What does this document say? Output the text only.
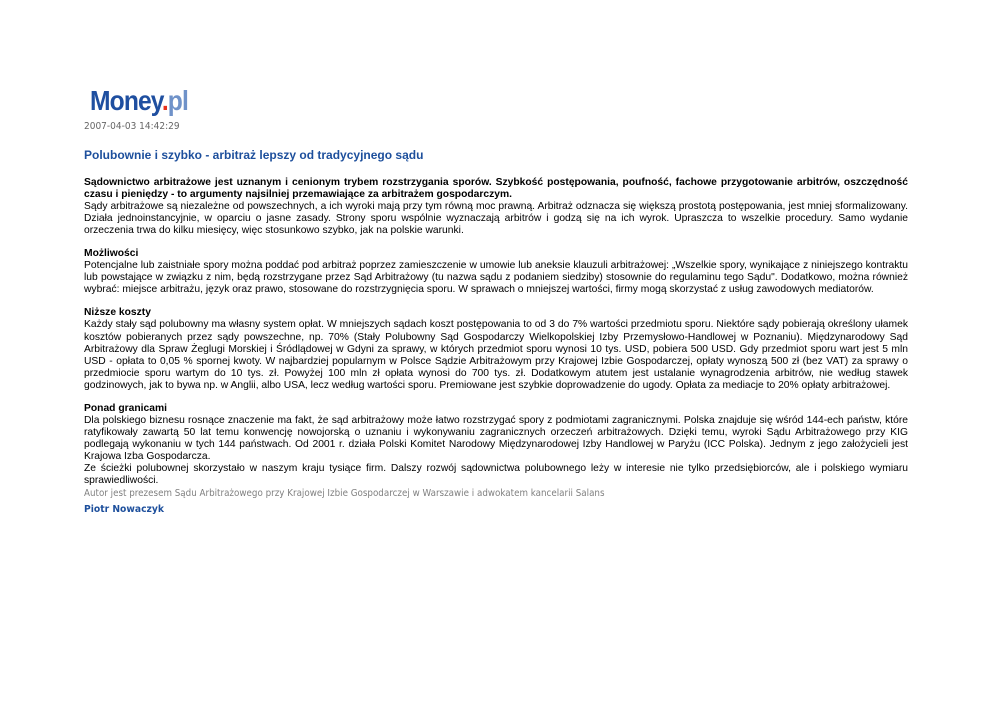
Money.pl
2007-04-03 14:42:29
Polubownie i szybko - arbitraż lepszy od tradycyjnego sądu

Sądownictwo arbitrażowe jest uznanym i cenionym trybem rozstrzygania sporów. Szybkość postępowania, poufność, fachowe przygotowanie arbitrów, oszczędność czasu i pieniędzy - to argumenty najsilniej przemawiające za arbitrażem gospodarczym.

Sądy arbitrażowe są niezależne od powszechnych, a ich wyroki mają przy tym równą moc prawną. Arbitraż odznacza się większą prostotą postępowania, jest mniej sformalizowany. Działa jednoinstancyjnie, w oparciu o jasne zasady. Strony sporu wspólnie wyznaczają arbitrów i godzą się na ich wyrok. Upraszcza to wszelkie procedury. Samo wydanie orzeczenia trwa do kilku miesięcy, więc stosunkowo szybko, jak na polskie warunki.

Możliwości

Potencjalne lub zaistniałe spory można poddać pod arbitraż poprzez zamieszczenie w umowie lub aneksie klauzuli arbitrażowej: „Wszelkie spory, wynikające z niniejszego kontraktu lub powstające w związku z nim, będą rozstrzygane przez Sąd Arbitrażowy (tu nazwa sądu z podaniem siedziby) stosownie do regulaminu tego Sądu". Dodatkowo, można również wybrać: miejsce arbitrażu, język oraz prawo, stosowane do rozstrzygnięcia sporu. W sprawach o mniejszej wartości, firmy mogą skorzystać z usług zawodowych mediatorów.

Niższe koszty

Każdy stały sąd polubowny ma własny system opłat. W mniejszych sądach koszt postępowania to od 3 do 7% wartości przedmiotu sporu. Niektóre sądy pobierają określony ułamek kosztów pobieranych przez sądy powszechne, np. 70% (Stały Polubowny Sąd Gospodarczy Wielkopolskiej Izby Przemysłowo-Handlowej w Poznaniu). Międzynarodowy Sąd Arbitrażowy dla Spraw Żeglugi Morskiej i Śródlądowej w Gdyni za sprawy, w których przedmiot sporu wynosi 10 tys. USD, pobiera 500 USD. Gdy przedmiot sporu wart jest 5 mln USD - opłata to 0,05 % spornej kwoty. W najbardziej popularnym w Polsce Sądzie Arbitrażowym przy Krajowej Izbie Gospodarczej, opłaty wynoszą 500 zł (bez VAT) za sprawy o przedmiocie sporu wartym do 10 tys. zł. Powyżej 100 mln zł opłata wynosi do 700 tys. zł. Dodatkowym atutem jest ustalanie wynagrodzenia arbitrów, nie według stawek godzinowych, jak to bywa np. w Anglii, albo USA, lecz według wartości sporu. Premiowane jest szybkie doprowadzenie do ugody. Opłata za mediacje to 20% opłaty arbitrażowej.

Ponad granicami

Dla polskiego biznesu rosnące znaczenie ma fakt, że sąd arbitrażowy może łatwo rozstrzygać spory z podmiotami zagranicznymi. Polska znajduje się wśród 144-ech państw, które ratyfikowały zawartą 50 lat temu konwencję nowojorską o uznaniu i wykonywaniu zagranicznych orzeczeń arbitrażowych. Dzięki temu, wyroki Sądu Arbitrażowego przy KIG podlegają wykonaniu w tych 144 państwach. Od 2001 r. działa Polski Komitet Narodowy Międzynarodowej Izby Handlowej w Paryżu (ICC Polska). Jednym z jego założycieli jest Krajowa Izba Gospodarcza.

Ze ścieżki polubownej skorzystało w naszym kraju tysiące firm. Dalszy rozwój sądownictwa polubownego leży w interesie nie tylko przedsiębiorców, ale i polskiego wymiaru sprawiedliwości.

Autor jest prezesem Sądu Arbitrażowego przy Krajowej Izbie Gospodarczej w Warszawie i adwokatem kancelarii Salans
Piotr Nowaczyk
